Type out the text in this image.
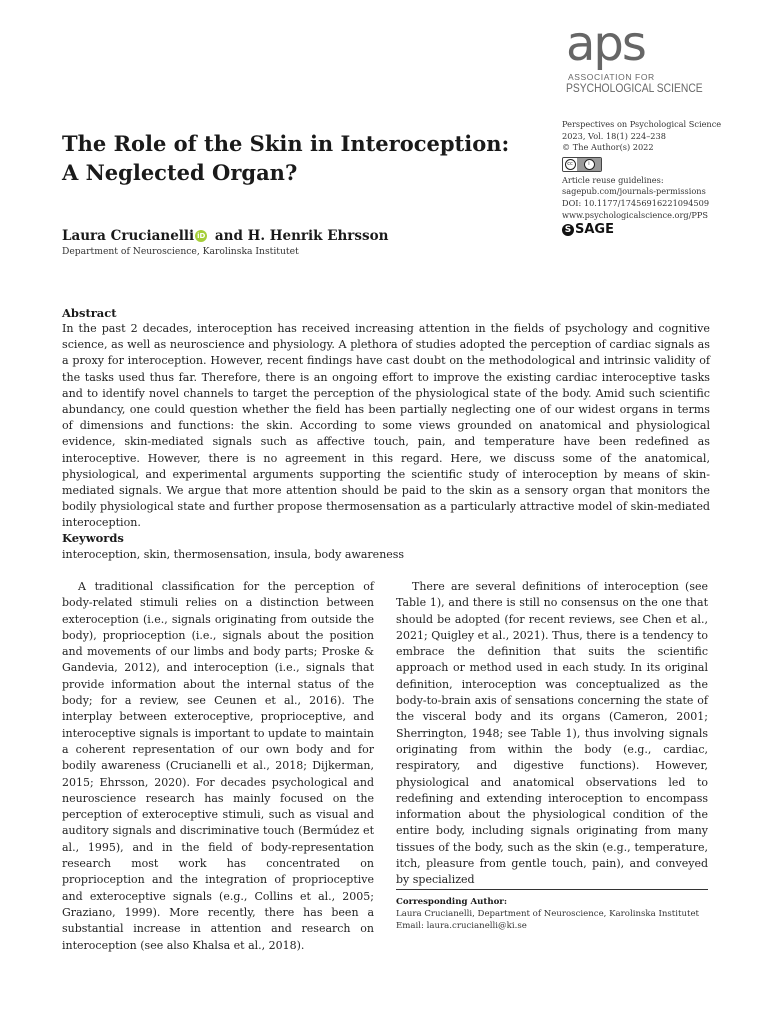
aps
ASSOCIATION FOR
PSYCHOLOGICAL SCIENCE
Perspectives on Psychological Science
2023, Vol. 18(1) 224–238
© The Author(s) 2022
cc	i
Article reuse guidelines:
sagepub.com/journals-permissions
DOI: 10.1177/17456916221094509
www.psychologicalscience.org/PPS
S SAGE
The Role of the Skin in Interoception: A Neglected Organ?
Laura Crucianelli iD and H. Henrik Ehrsson
Department of Neuroscience, Karolinska Institutet
Abstract
In the past 2 decades, interoception has received increasing attention in the fields of psychology and cognitive science, as well as neuroscience and physiology. A plethora of studies adopted the perception of cardiac signals as a proxy for interoception. However, recent findings have cast doubt on the methodological and intrinsic validity of the tasks used thus far. Therefore, there is an ongoing effort to improve the existing cardiac interoceptive tasks and to identify novel channels to target the perception of the physiological state of the body. Amid such scientific abundancy, one could question whether the field has been partially neglecting one of our widest organs in terms of dimensions and functions: the skin. According to some views grounded on anatomical and physiological evidence, skin-mediated signals such as affective touch, pain, and temperature have been redefined as interoceptive. However, there is no agreement in this regard. Here, we discuss some of the anatomical, physiological, and experimental arguments supporting the scientific study of interoception by means of skin-mediated signals. We argue that more attention should be paid to the skin as a sensory organ that monitors the bodily physiological state and further propose thermosensation as a particularly attractive model of skin-mediated interoception.
Keywords
interoception, skin, thermosensation, insula, body awareness
A traditional classification for the perception of body-related stimuli relies on a distinction between exteroception (i.e., signals originating from outside the body), proprioception (i.e., signals about the position and movements of our limbs and body parts; Proske & Gandevia, 2012), and interoception (i.e., signals that provide information about the internal status of the body; for a review, see Ceunen et al., 2016). The interplay between exteroceptive, proprioceptive, and interoceptive signals is important to update to maintain a coherent representation of our own body and for bodily awareness (Crucianelli et al., 2018; Dijkerman, 2015; Ehrsson, 2020). For decades psychological and neuroscience research has mainly focused on the perception of exteroceptive stimuli, such as visual and auditory signals and discriminative touch (Bermúdez et al., 1995), and in the field of body-representation research most work has concentrated on proprioception and the integration of proprioceptive and exteroceptive signals (e.g., Collins et al., 2005; Graziano, 1999). More recently, there has been a substantial increase in attention and research on interoception (see also Khalsa et al., 2018).
There are several definitions of interoception (see Table 1), and there is still no consensus on the one that should be adopted (for recent reviews, see Chen et al., 2021; Quigley et al., 2021). Thus, there is a tendency to embrace the definition that suits the scientific approach or method used in each study. In its original definition, interoception was conceptualized as the body-to-brain axis of sensations concerning the state of the visceral body and its organs (Cameron, 2001; Sherrington, 1948; see Table 1), thus involving signals originating from within the body (e.g., cardiac, respiratory, and digestive functions). However, physiological and anatomical observations led to redefining and extending interoception to encompass information about the physiological condition of the entire body, including signals originating from many tissues of the body, such as the skin (e.g., temperature, itch, pleasure from gentle touch, pain), and conveyed by specialized
Corresponding Author:
Laura Crucianelli, Department of Neuroscience, Karolinska Institutet
Email: laura.crucianelli@ki.se
